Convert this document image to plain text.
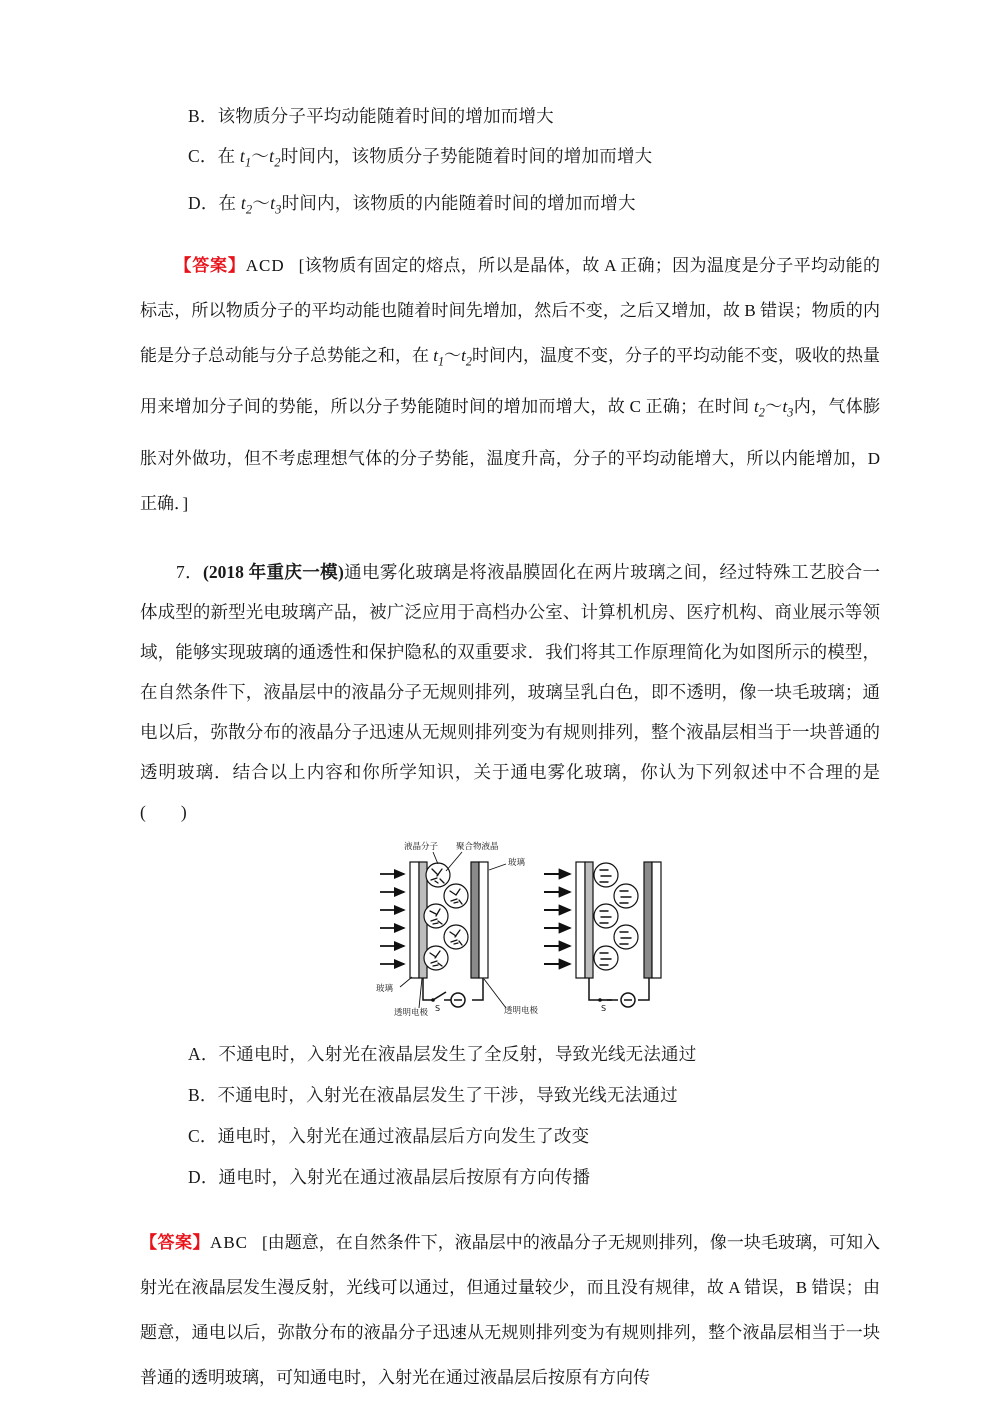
B．该物质分子平均动能随着时间的增加而增大
C．在 $t_1\sim t_2$时间内，该物质分子势能随着时间的增加而增大
D．在 $t_2\sim t_3$时间内，该物质的内能随着时间的增加而增大
【答案】ACD [该物质有固定的熔点，所以是晶体，故 A 正确；因为温度是分子平均动能的标志，所以物质分子的平均动能也随着时间先增加，然后不变，之后又增加，故 B 错误；物质的内能是分子总动能与分子总势能之和，在 $t_1\sim t_2$时间内，温度不变，分子的平均动能不变，吸收的热量用来增加分子间的势能，所以分子势能随时间的增加而增大，故 C 正确；在时间 $t_2\sim t_3$内，气体膨胀对外做功，但不考虑理想气体的分子势能，温度升高，分子的平均动能增大，所以内能增加，D 正确．]
7．(2018 年重庆一模)通电雾化玻璃是将液晶膜固化在两片玻璃之间，经过特殊工艺胶合一体成型的新型光电玻璃产品，被广泛应用于高档办公室、计算机机房、医疗机构、商业展示等领域，能够实现玻璃的通透性和保护隐私的双重要求．我们将其工作原理简化为如图所示的模型，在自然条件下，液晶层中的液晶分子无规则排列，玻璃呈乳白色，即不透明，像一块毛玻璃；通电以后，弥散分布的液晶分子迅速从无规则排列变为有规则排列，整个液晶层相当于一块普通的透明玻璃．结合以上内容和你所学知识，关于通电雾化玻璃，你认为下列叙述中不合理的是(　　)
S	S
液晶分子 聚合物液晶
玻璃
玻璃
透明电极	透明电极
A．不通电时，入射光在液晶层发生了全反射，导致光线无法通过
B．不通电时，入射光在液晶层发生了干涉，导致光线无法通过
C．通电时，入射光在通过液晶层后方向发生了改变
D．通电时，入射光在通过液晶层后按原有方向传播
【答案】ABC [由题意，在自然条件下，液晶层中的液晶分子无规则排列，像一块毛玻璃，可知入射光在液晶层发生漫反射，光线可以通过，但通过量较少，而且没有规律，故 A 错误，B 错误；由题意，通电以后，弥散分布的液晶分子迅速从无规则排列变为有规则排列，整个液晶层相当于一块普通的透明玻璃，可知通电时，入射光在通过液晶层后按原有方向传
